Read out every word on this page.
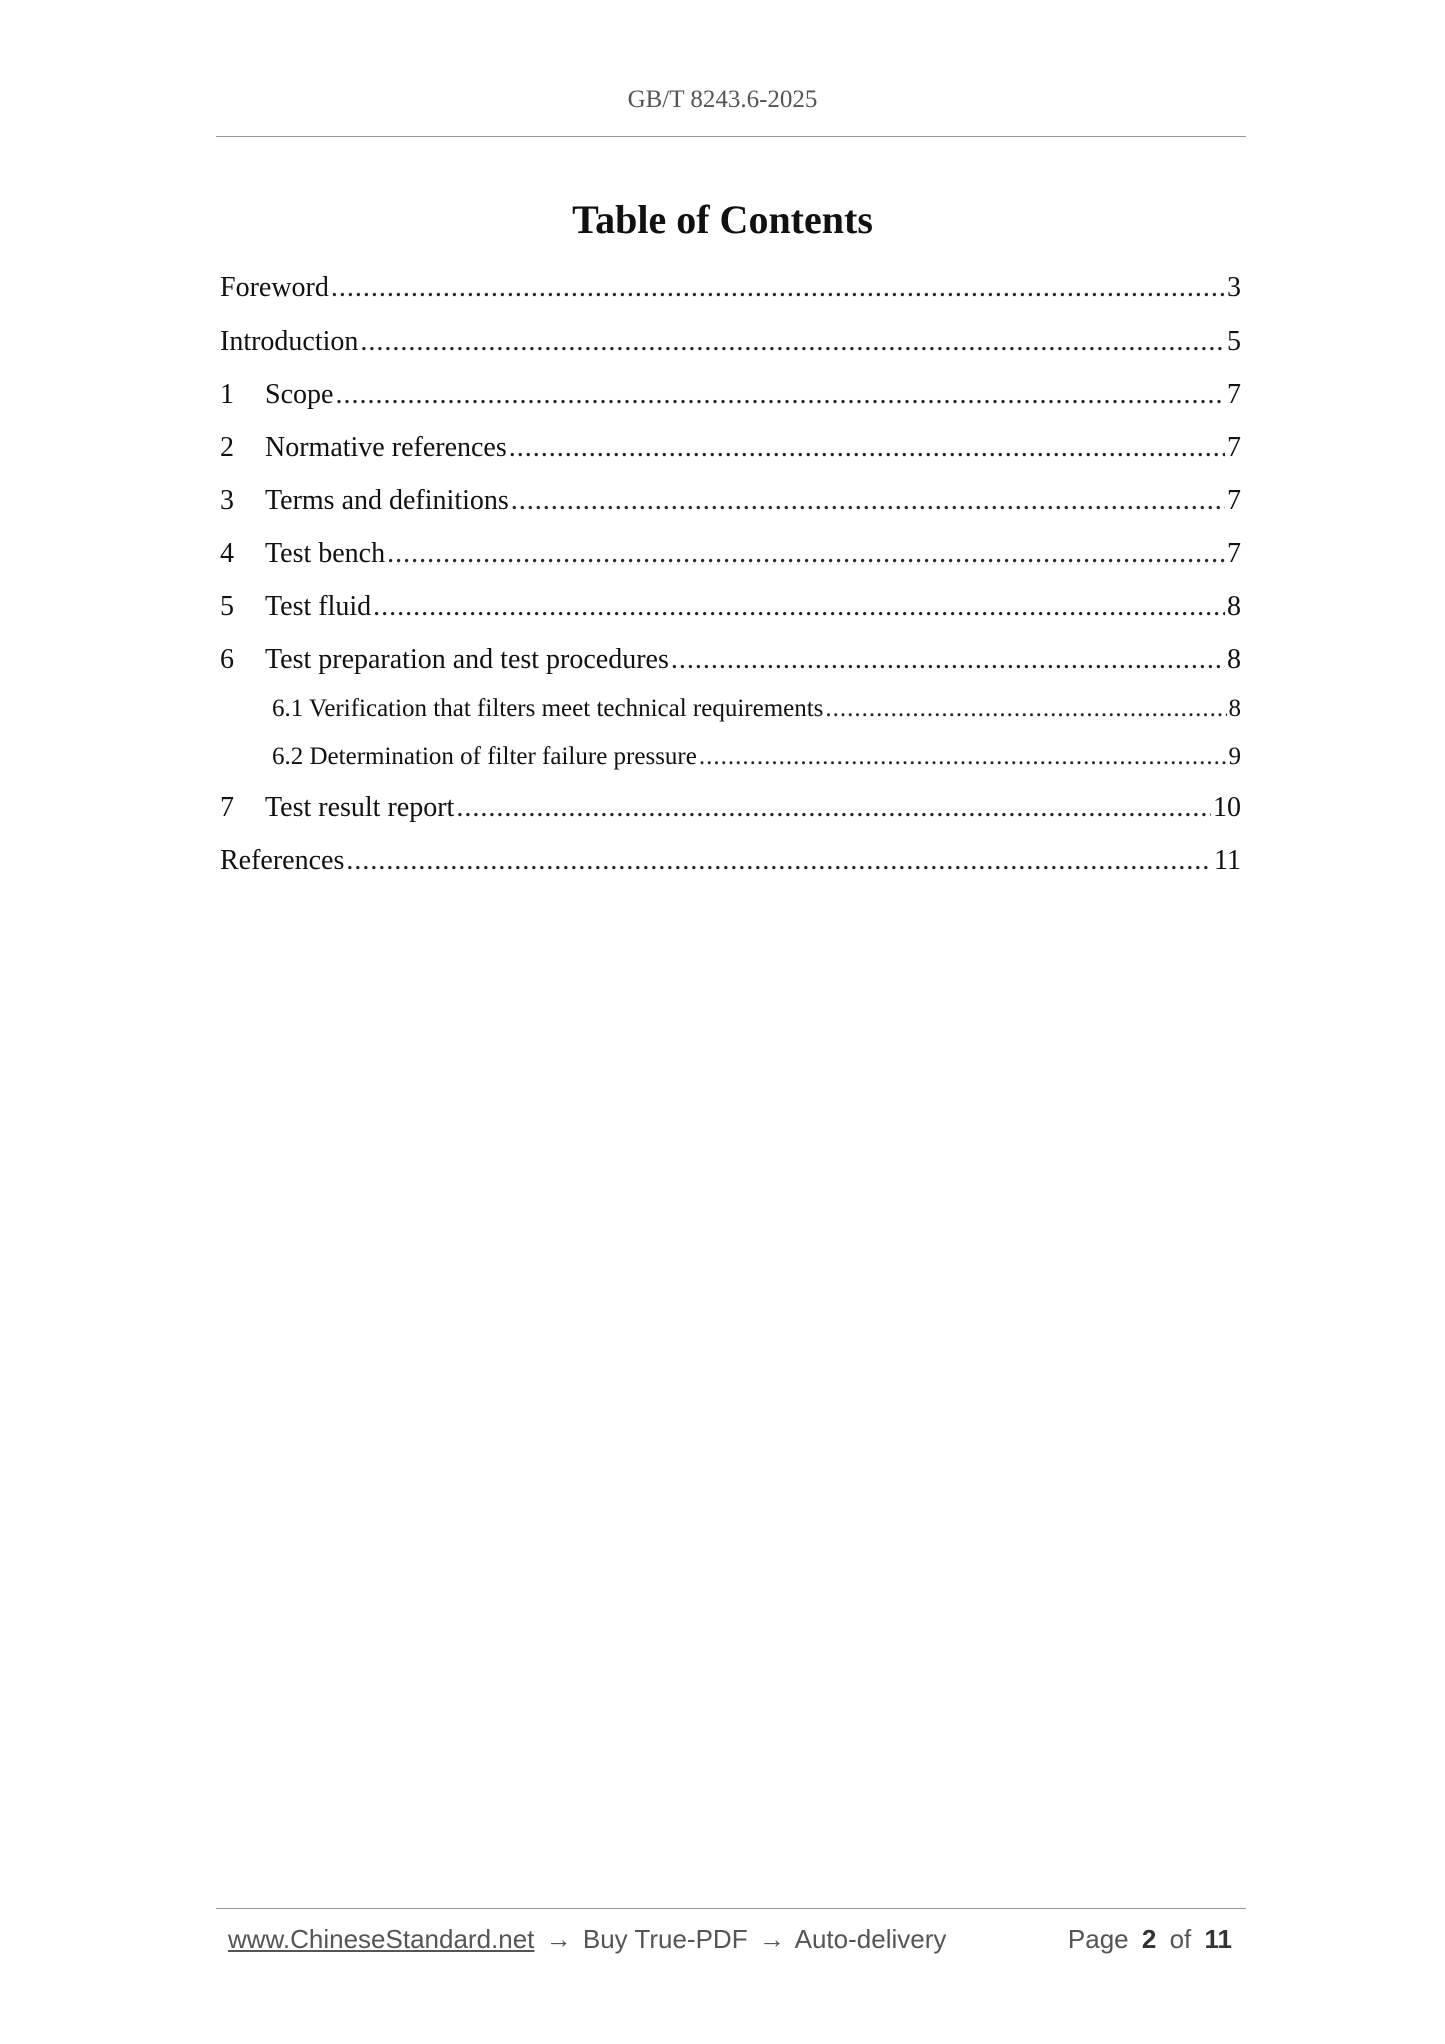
GB/T 8243.6-2025
Table of Contents
Foreword .....	3
Introduction .....	5
1	Scope .....	7
2	Normative references .....	7
3	Terms and definitions .....	7
4	Test bench .....	7
5	Test fluid .....	8
6	Test preparation and test procedures .....	8
6.1 Verification that filters meet technical requirements .....	8
6.2 Determination of filter failure pressure .....	9
7	Test result report .....	10
References .....	11
www.ChineseStandard.net → Buy True-PDF → Auto-delivery	Page 2 of 11
